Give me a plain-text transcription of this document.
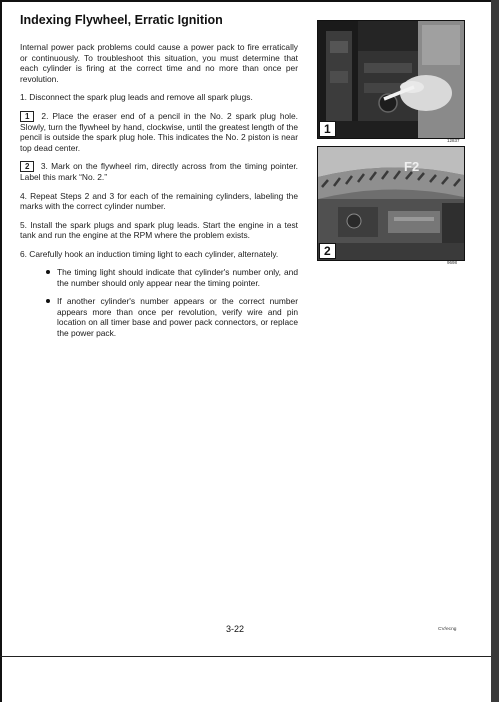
Indexing Flywheel, Erratic Ignition

Internal power pack problems could cause a power pack to fire erratically or continuously. To troubleshoot this situation, you must determine that each cylinder is firing at the correct time and no more than once per revolution.

1. Disconnect the spark plug leads and remove all spark plugs.

1 2. Place the eraser end of a pencil in the No. 2 spark plug hole. Slowly, turn the flywheel by hand, clockwise, until the greatest length of the pencil is outside the spark plug hole. This indicates the No. 2 piston is near top dead center.

2 3. Mark on the flywheel rim, directly across from the timing pointer. Label this mark “No. 2.”

4. Repeat Steps 2 and 3 for each of the remaining cylinders, labeling the marks with the correct cylinder number.

5. Install the spark plugs and spark plug leads. Start the engine in a test tank and run the engine at the RPM where the problem exists.

6. Carefully hook an induction timing light to each cylinder, alternately.

The timing light should indicate that cylinder's number only, and the number should only appear near the timing pointer.
If another cylinder's number appears or the correct number appears more than once per revolution, verify wire and pin location on all timer base and power pack connectors, or replace the power pack.
1
12837
F2
2
9698
3-22	CV/ecng
